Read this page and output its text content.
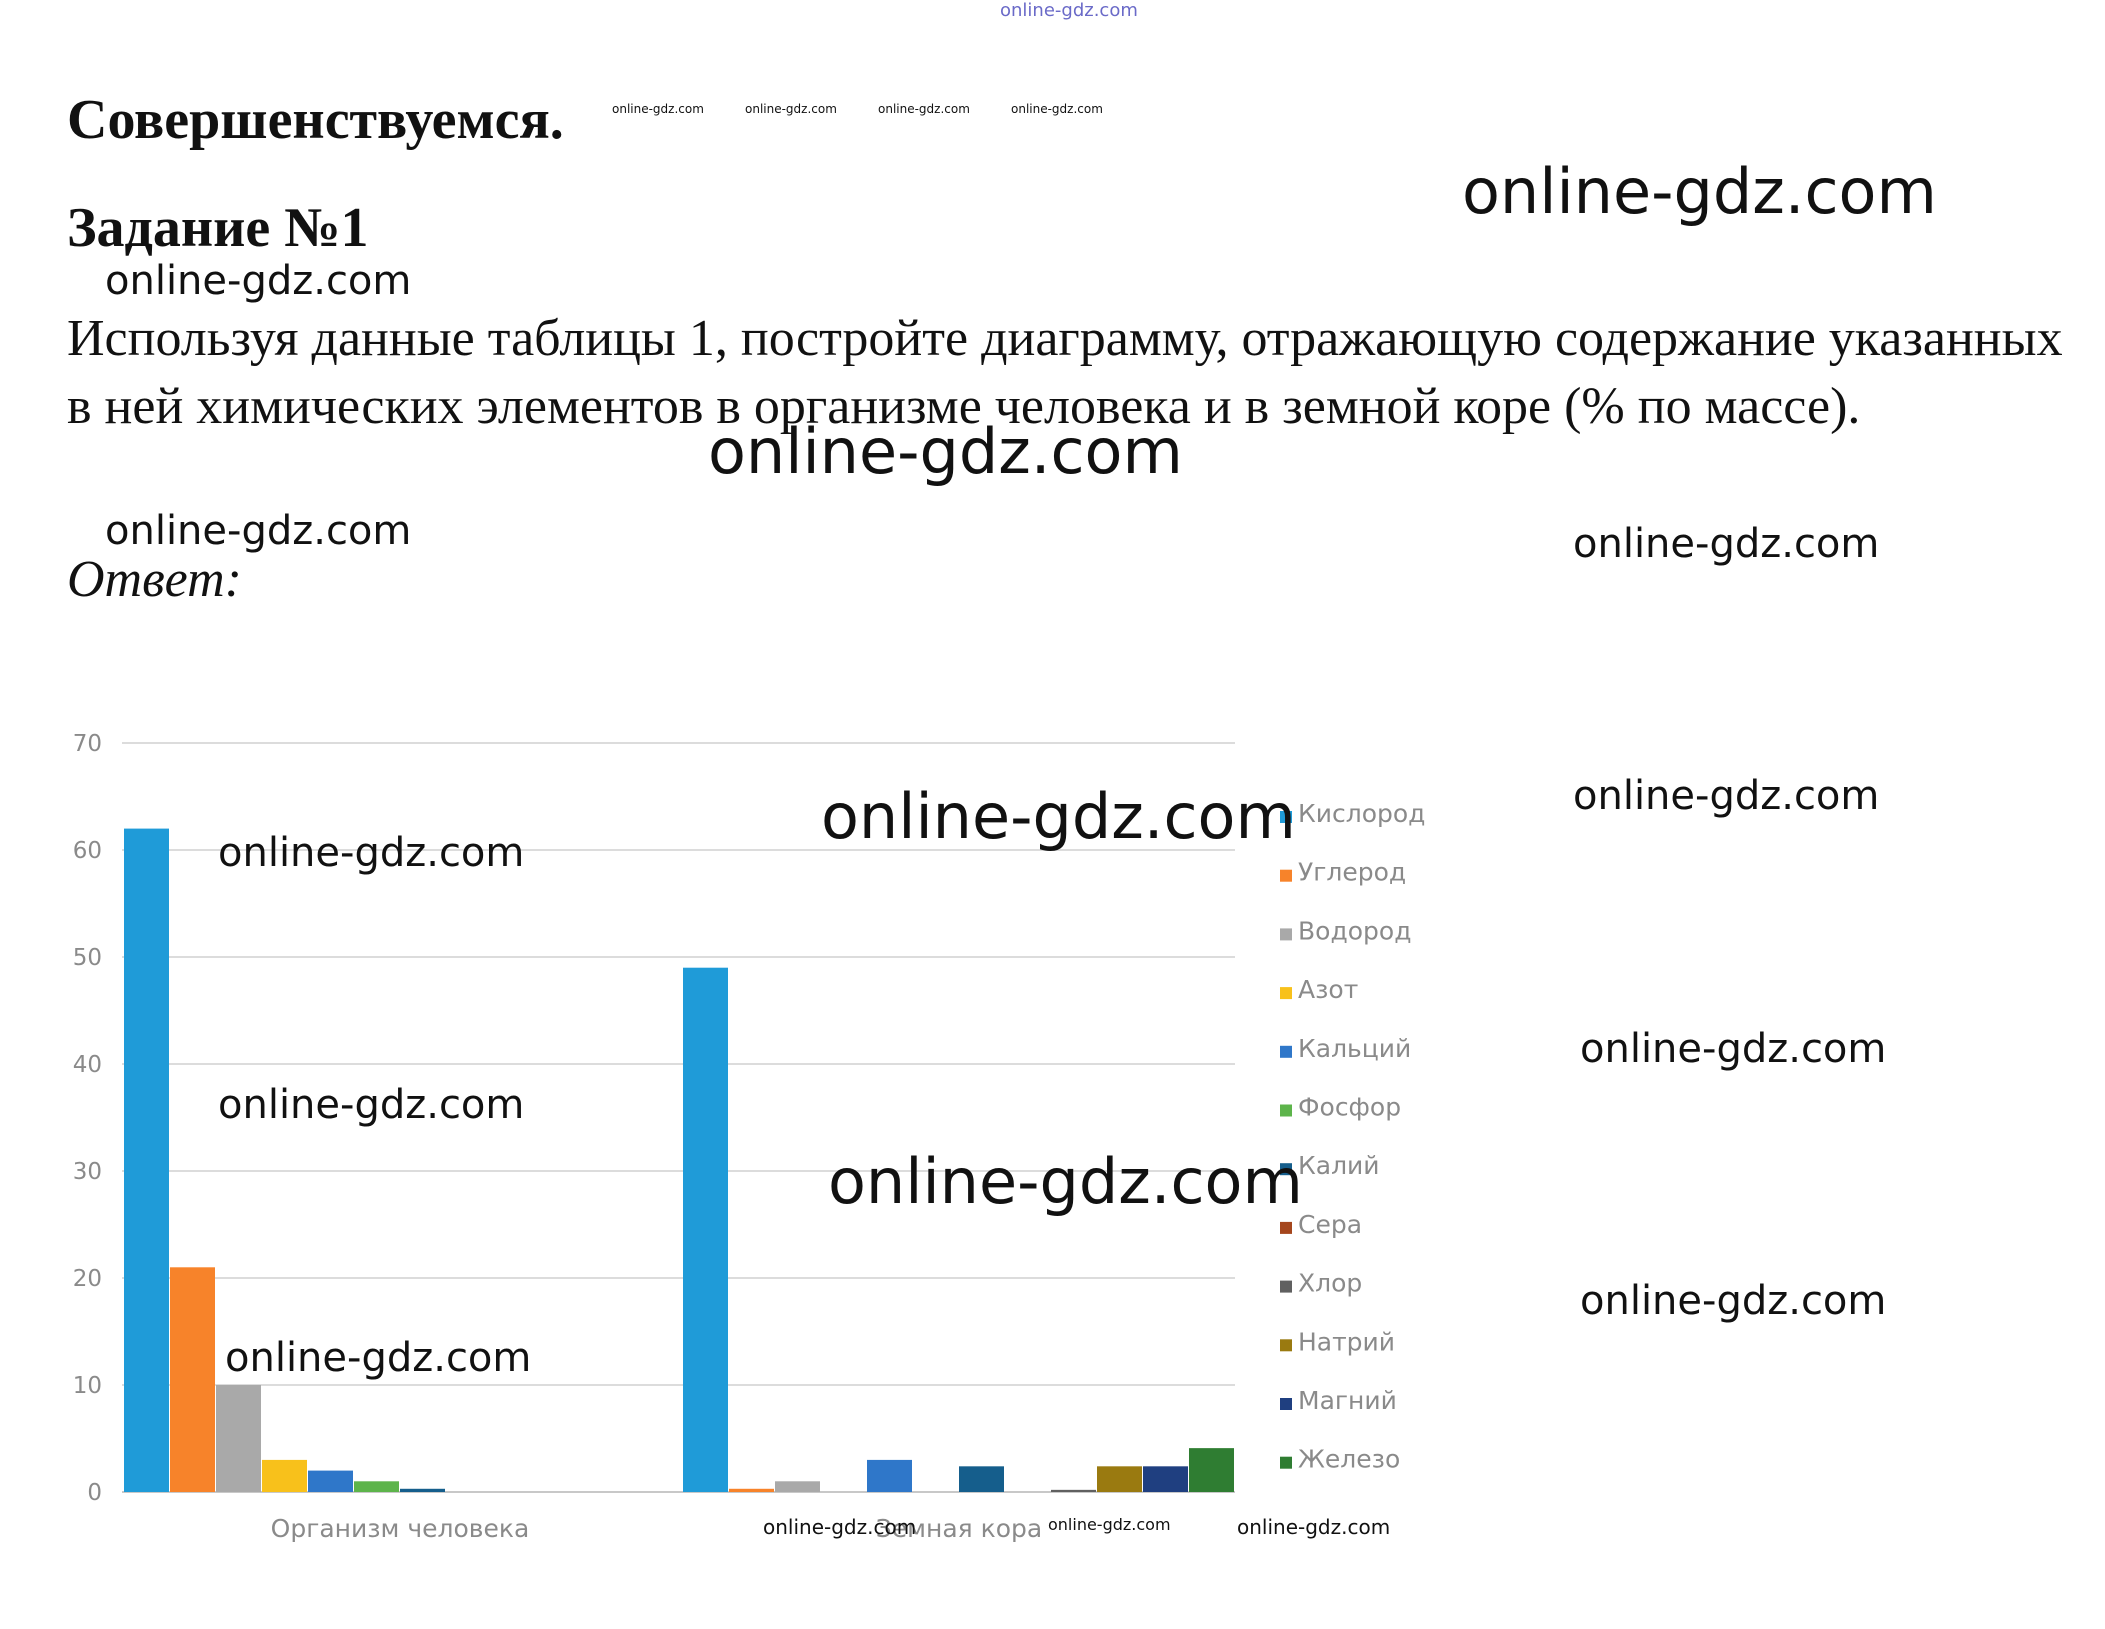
online-gdz.com
online-gdz.com	online-gdz.com	online-gdz.com	online-gdz.com
Совершенствуемся.
Задание №1

Используя данные таблицы 1, постройте диаграмму, отражающую содержание указанных в ней химических элементов в организме человека и в земной коре (% по массе).

Ответ:

0
10
20
30
40
50
60
70
Организм человека	Земная кора
Кислород
Углерод
Водород
Азот
Кальций
Фосфор
Калий
Сера
Хлор
Натрий
Магний
Железо
online-gdz.com
online-gdz.com
online-gdz.com
online-gdz.com	online-gdz.com
online-gdz.com
online-gdz.com
online-gdz.com
online-gdz.com
online-gdz.com
online-gdz.com
online-gdz.com
online-gdz.com
online-gdz.com	online-gdz.com	online-gdz.com
